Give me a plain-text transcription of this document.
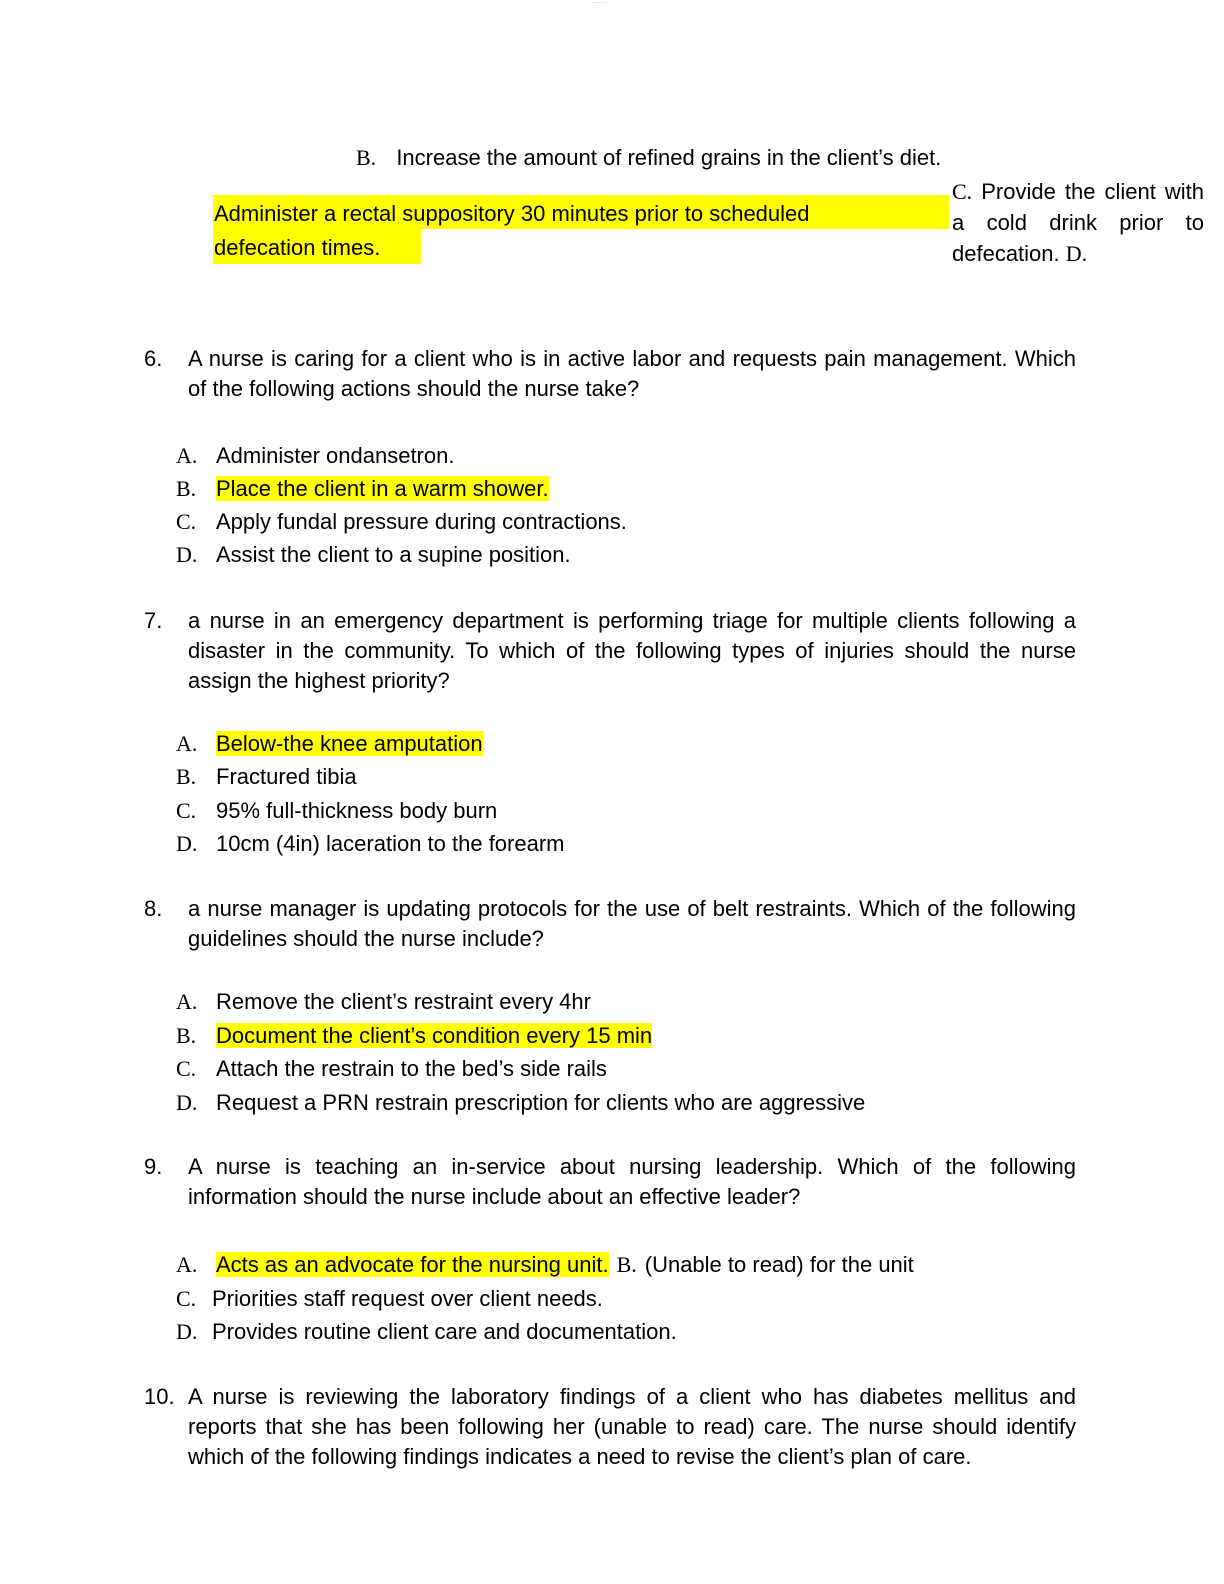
·········
B. Increase the amount of refined grains in the client’s diet.
Administer a rectal suppository 30 minutes prior to scheduled
defecation times.
C. Provide the client with a cold drink prior to defecation. D.
6. A nurse is caring for a client who is in active labor and requests pain management. Which of the following actions should the nurse take?
A. Administer ondansetron.
B. Place the client in a warm shower.
C. Apply fundal pressure during contractions.
D. Assist the client to a supine position.
7. a nurse in an emergency department is performing triage for multiple clients following a disaster in the community. To which of the following types of injuries should the nurse assign the highest priority?
A. Below-the knee amputation
B. Fractured tibia
C. 95% full-thickness body burn
D. 10cm (4in) laceration to the forearm
8. a nurse manager is updating protocols for the use of belt restraints. Which of the following guidelines should the nurse include?
A. Remove the client’s restraint every 4hr
B. Document the client’s condition every 15 min
C. Attach the restrain to the bed’s side rails
D. Request a PRN restrain prescription for clients who are aggressive
9. A nurse is teaching an in-service about nursing leadership. Which of the following information should the nurse include about an effective leader?
A. Acts as an advocate for the nursing unit. B. (Unable to read) for the unit
C. Priorities staff request over client needs.
D. Provides routine client care and documentation.
10. A nurse is reviewing the laboratory findings of a client who has diabetes mellitus and reports that she has been following her (unable to read) care. The nurse should identify which of the following findings indicates a need to revise the client’s plan of care.
